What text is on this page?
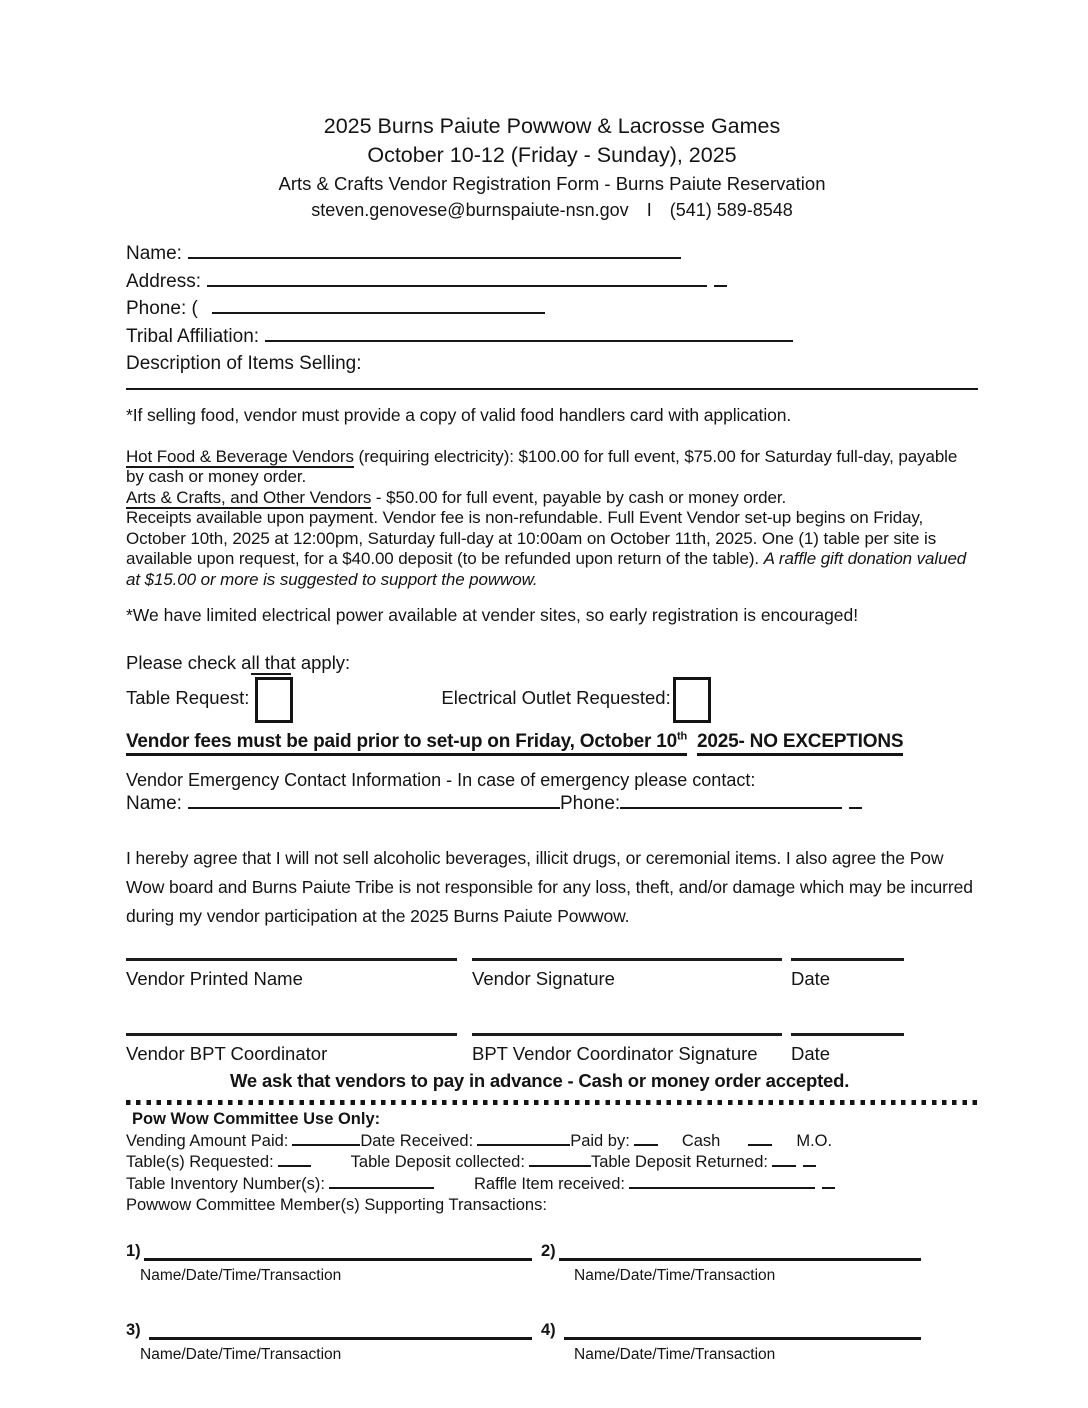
2025 Burns Paiute Powwow & Lacrosse Games
October 10-12 (Friday - Sunday), 2025
Arts & Crafts Vendor Registration Form - Burns Paiute Reservation
steven.genovese@burnspaiute-nsn.gov I (541) 589-8548
Name:
Address:
Phone: (
Tribal Affiliation:
Description of Items Selling:
*If selling food, vendor must provide a copy of valid food handlers card with application.
Hot Food & Beverage Vendors (requiring electricity): $100.00 for full event, $75.00 for Saturday full-day, payable by cash or money order.
Arts & Crafts, and Other Vendors - $50.00 for full event, payable by cash or money order.
Receipts available upon payment. Vendor fee is non-refundable. Full Event Vendor set-up begins on Friday, October 10th, 2025 at 12:00pm, Saturday full-day at 10:00am on October 11th, 2025. One (1) table per site is available upon request, for a $40.00 deposit (to be refunded upon return of the table). A raffle gift donation valued at $15.00 or more is suggested to support the powwow.
*We have limited electrical power available at vender sites, so early registration is encouraged!
Please check all that apply:
Table Request:	Electrical Outlet Requested:
Vendor fees must be paid prior to set-up on Friday, October 10th 2025- NO EXCEPTIONS
Vendor Emergency Contact Information - In case of emergency please contact:
Name:	Phone:
I hereby agree that I will not sell alcoholic beverages, illicit drugs, or ceremonial items. I also agree the Pow Wow board and Burns Paiute Tribe is not responsible for any loss, theft, and/or damage which may be incurred during my vendor participation at the 2025 Burns Paiute Powwow.
Vendor Printed Name	Vendor Signature	Date
Vendor BPT Coordinator	BPT Vendor Coordinator Signature	Date
We ask that vendors to pay in advance - Cash or money order accepted.
Pow Wow Committee Use Only:
Vending Amount Paid:	Date Received:	Paid by:	Cash	M.O.
Table(s) Requested:	Table Deposit collected:	Table Deposit Returned:
Table Inventory Number(s):	Raffle Item received:
Powwow Committee Member(s) Supporting Transactions:
1)	2)
Name/Date/Time/Transaction	Name/Date/Time/Transaction
3)	4)
Name/Date/Time/Transaction	Name/Date/Time/Transaction
